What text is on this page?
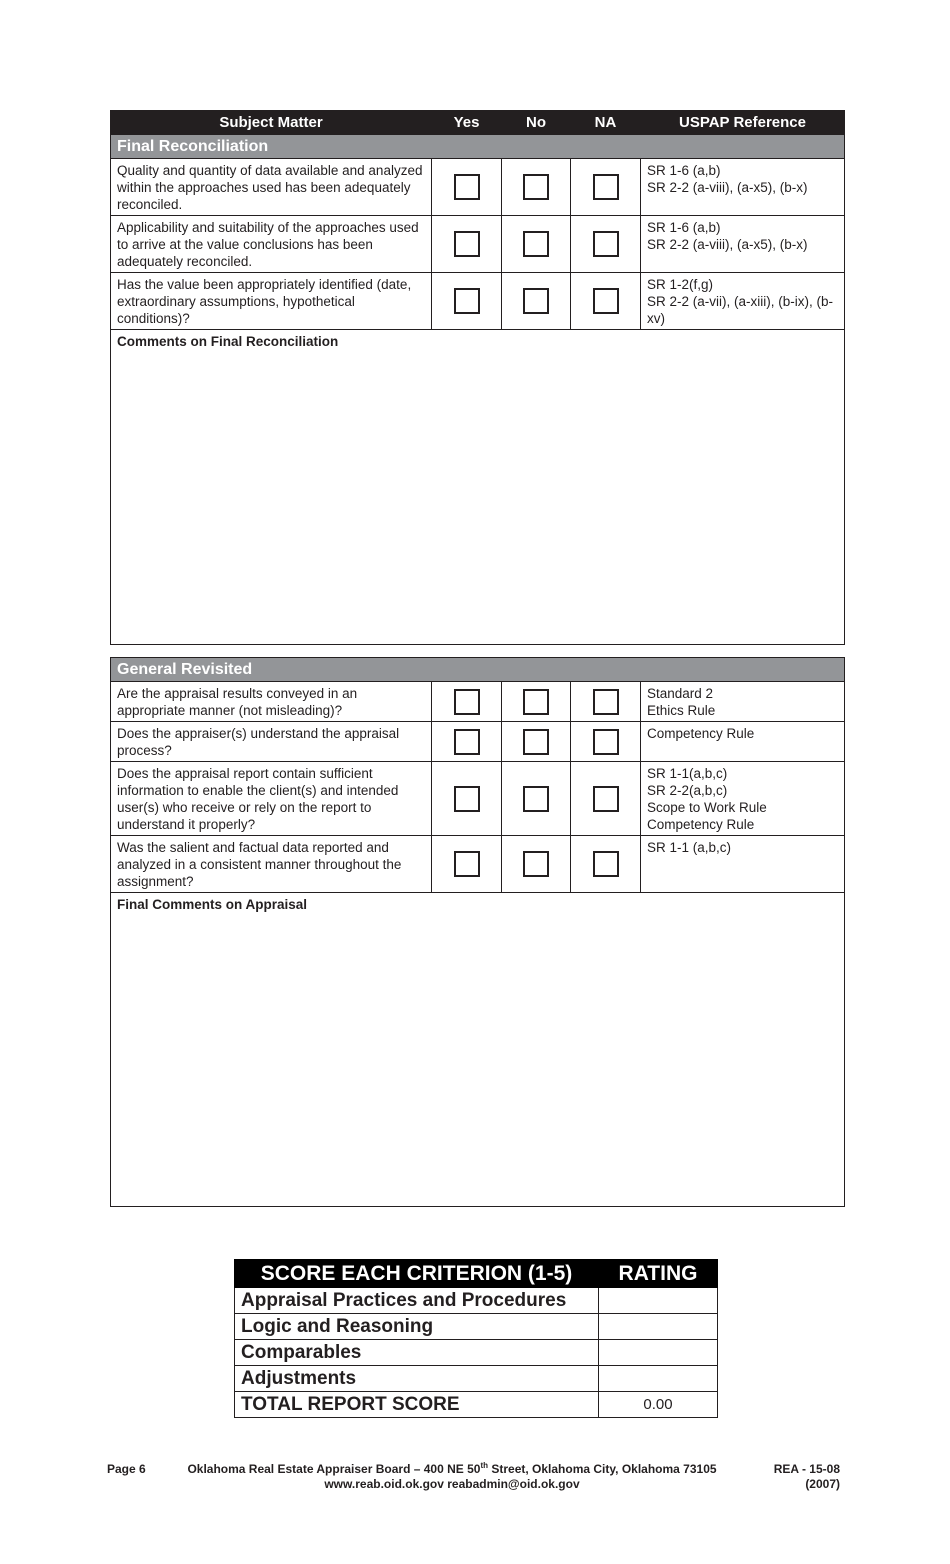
Subject Matter	Yes	No	NA	USPAP Reference
Final Reconciliation				
Quality and quantity of data available and analyzed within the approaches used has been adequately reconciled.				SR 1-6 (a,b)
SR 2-2 (a-viii), (a-x5), (b-x)

Applicability and suitability of the approaches used to arrive at the value conclusions has been adequately reconciled.				SR 1-6 (a,b)
SR 2-2 (a-viii), (a-x5), (b-x)

Has the value been appropriately identified (date, extraordinary assumptions, hypothetical conditions)?				SR 1-2(f,g)
SR 2-2 (a-vii), (a-xiii), (b-ix), (b-xv)

Comments on Final Reconciliation				
General Revisited				
Are the appraisal results conveyed in an appropriate manner (not misleading)?				Standard 2
Ethics Rule

Does the appraiser(s) understand the appraisal process?				Competency Rule

Does the appraisal report contain sufficient information to enable the client(s) and intended user(s) who receive or rely on the report to understand it properly?				SR 1-1(a,b,c)
SR 2-2(a,b,c)
Scope to Work Rule
Competency Rule

Was the salient and factual data reported and analyzed in a consistent manner throughout the assignment?				SR 1-1 (a,b,c)

Final Comments on Appraisal				
SCORE EACH CRITERION (1-5)	RATING
Appraisal Practices and Procedures	
Logic and Reasoning	
Comparables	
Adjustments	
TOTAL REPORT SCORE	0.00
Page 6	Oklahoma Real Estate Appraiser Board – 400 NE 50th Street, Oklahoma City, Oklahoma 73105
www.reab.oid.ok.gov reabadmin@oid.ok.gov
REA - 15-08
(2007)
